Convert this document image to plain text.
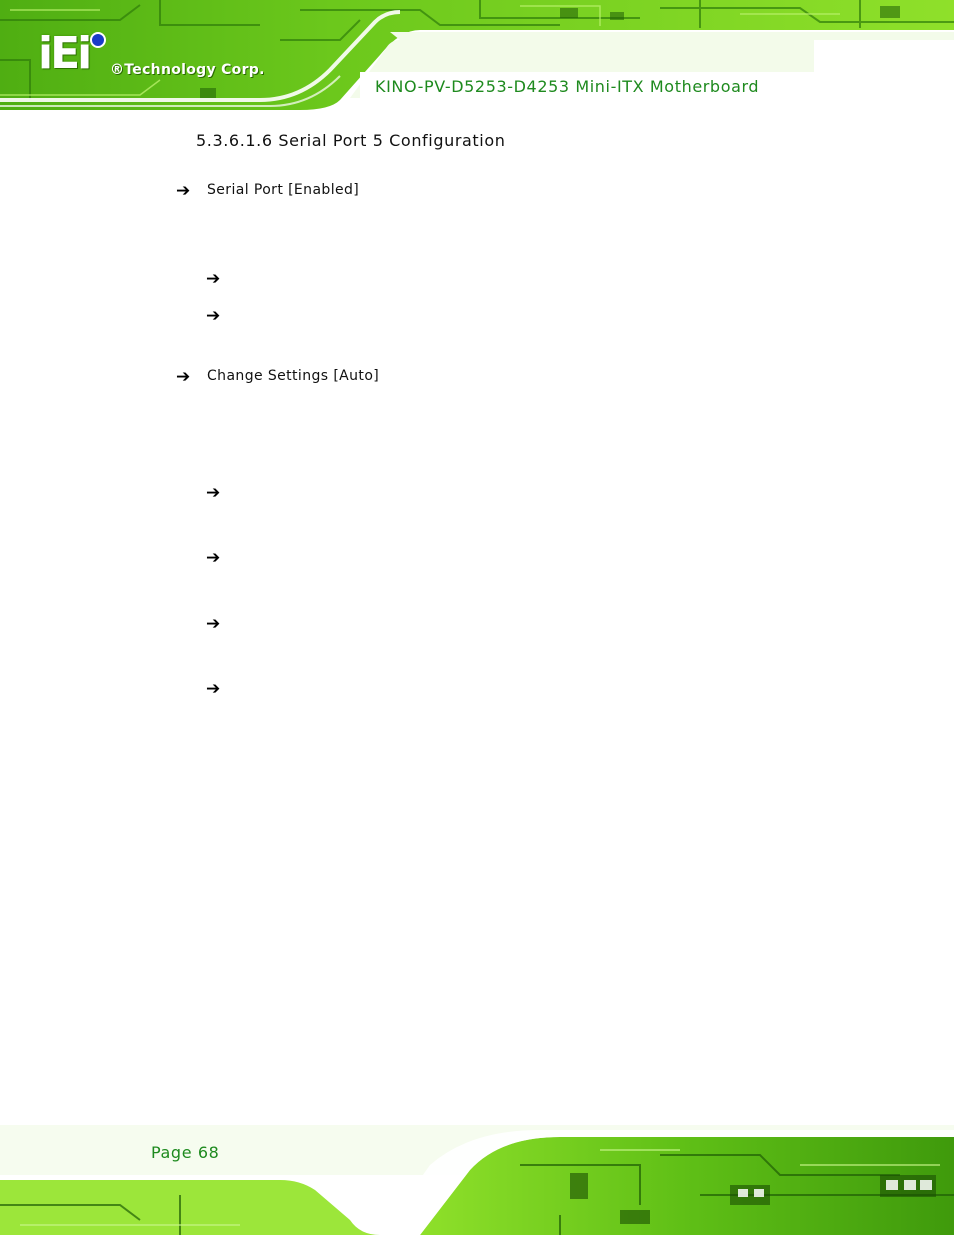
iEi ®Technology Corp.
KINO-PV-D5253-D4253 Mini-ITX Motherboard
5.3.6.1.6 Serial Port 5 Configuration
➔ Serial Port [Enabled]
➔
➔
➔ Change Settings [Auto]
➔
➔
➔
➔
Page 68
